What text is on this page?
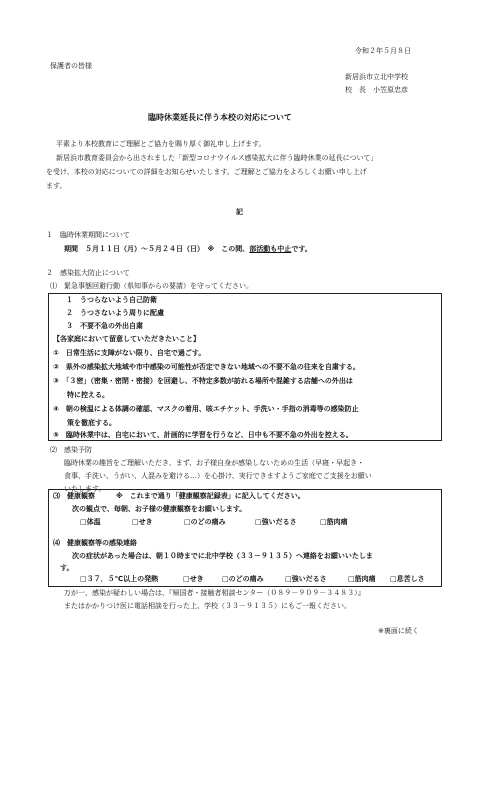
令和２年５月８日
保護者の皆様
新居浜市立北中学校
校　長　小笠原忠彦
臨時休業延長に伴う本校の対応について
平素より本校教育にご理解とご協力を賜り厚く御礼申し上げます。
新居浜市教育委員会から出されました「新型コロナウイルス感染拡大に伴う臨時休業の延長について」
を受け、本校の対応についての詳細をお知らせいたします。ご理解とご協力をよろしくお願い申し上げ
ます。
記
１　臨時休業期間について
期間　５月１１日（月）～５月２４日（日）　※　この間、部活動も中止です。
２　感染拡大防止について
⑴　緊急事態回避行動（県知事からの要請）を守ってください。
１　うつらないよう自己防衛
２　うつさないよう周りに配慮
３　不要不急の外出自粛
【各家庭において留意していただきたいこと】
①　日常生活に支障がない限り、自宅で過ごす。
②　県外の感染拡大地域や市中感染の可能性が否定できない地域への不要不急の往来を自粛する。
③　「３密」（密集・密閉・密接）を回避し、不特定多数が訪れる場所や混雑する店舗への外出は
　　特に控える。
④　朝の検温による体調の確認、マスクの着用、咳エチケット、手洗い・手指の消毒等の感染防止
　　策を徹底する。
⑤　臨時休業中は、自宅において、計画的に学習を行うなど、日中も不要不急の外出を控える。
⑵　感染予防
臨時休業の趣旨をご理解いただき、まず、お子様自身が感染しないための生活（早寝・早起き・
食事、手洗い、うがい、人混みを避ける…）を心掛け、実行できますようご家庭でご支援をお願い
いたします。
⑶　健康観察　　　※　これまで通り「健康観察記録表」に記入してください。
次の観点で、毎朝、お子様の健康観察をお願いします。
□体温	□せき	□のどの痛み	□強いだるさ	□筋肉痛
⑷　健康観察等の感染連絡
次の症状があった場合は、朝１０時までに北中学校（３３－９１３５）へ連絡をお願いいたしま
す。
□３７．５℃以上の発熱	□せき	□のどの痛み	□強いだるさ	□筋肉痛 □息苦しさ
万が一、感染が疑わしい場合は、『帰国者・接触者相談センター（０８９－９０９－３４８３）』
またはかかりつけ医に電話相談を行った上、学校（３３－９１３５）にもご一報ください。
※裏面に続く
